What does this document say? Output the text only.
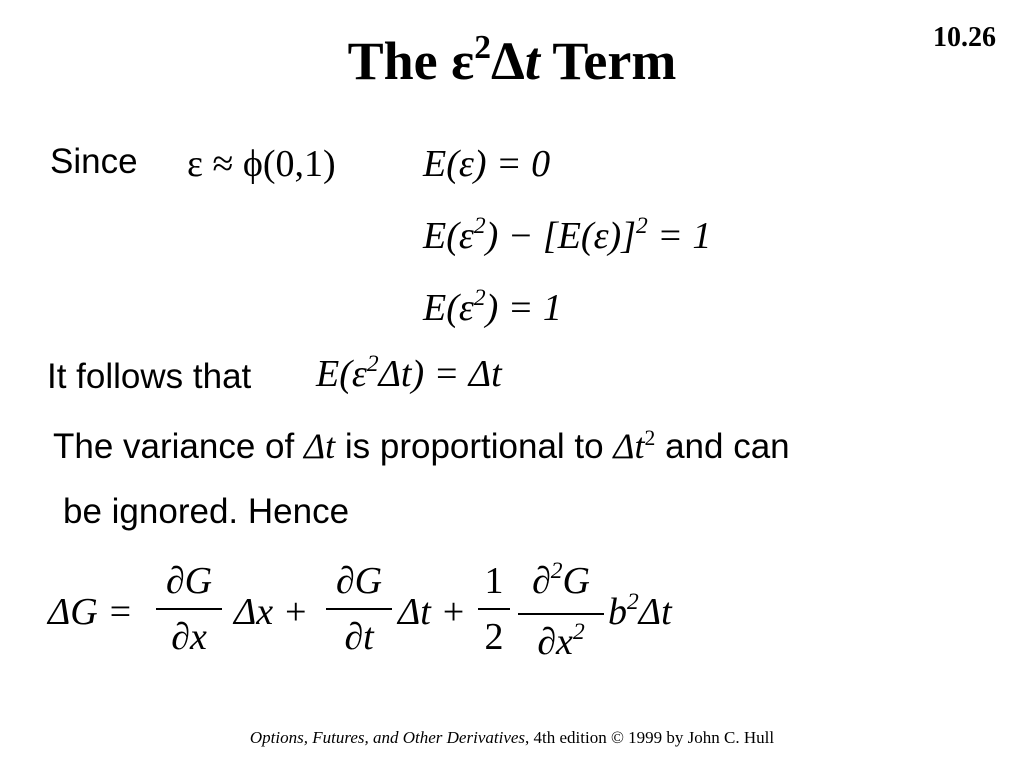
10.26
The $\varepsilon^2\Delta t$ Term
Since ε ≈ ϕ(0,1) E(ε) = 0
$E(\varepsilon^2) - [E(\varepsilon)]^2 = 1$
$E(\varepsilon^2) = 1$
It follows that $E(\varepsilon^2\Delta t) = \Delta t$
The variance of Δt is proportional to $\Delta t^2$ and can
be ignored. Hence
ΔG =
∂G
∂x
Δx +
∂G
∂t
Δt +
1
2
∂$^2$G
$\partial x^2$ $b^2\Delta t$
Options, Futures, and Other Derivatives, 4th edition © 1999 by John C. Hull
